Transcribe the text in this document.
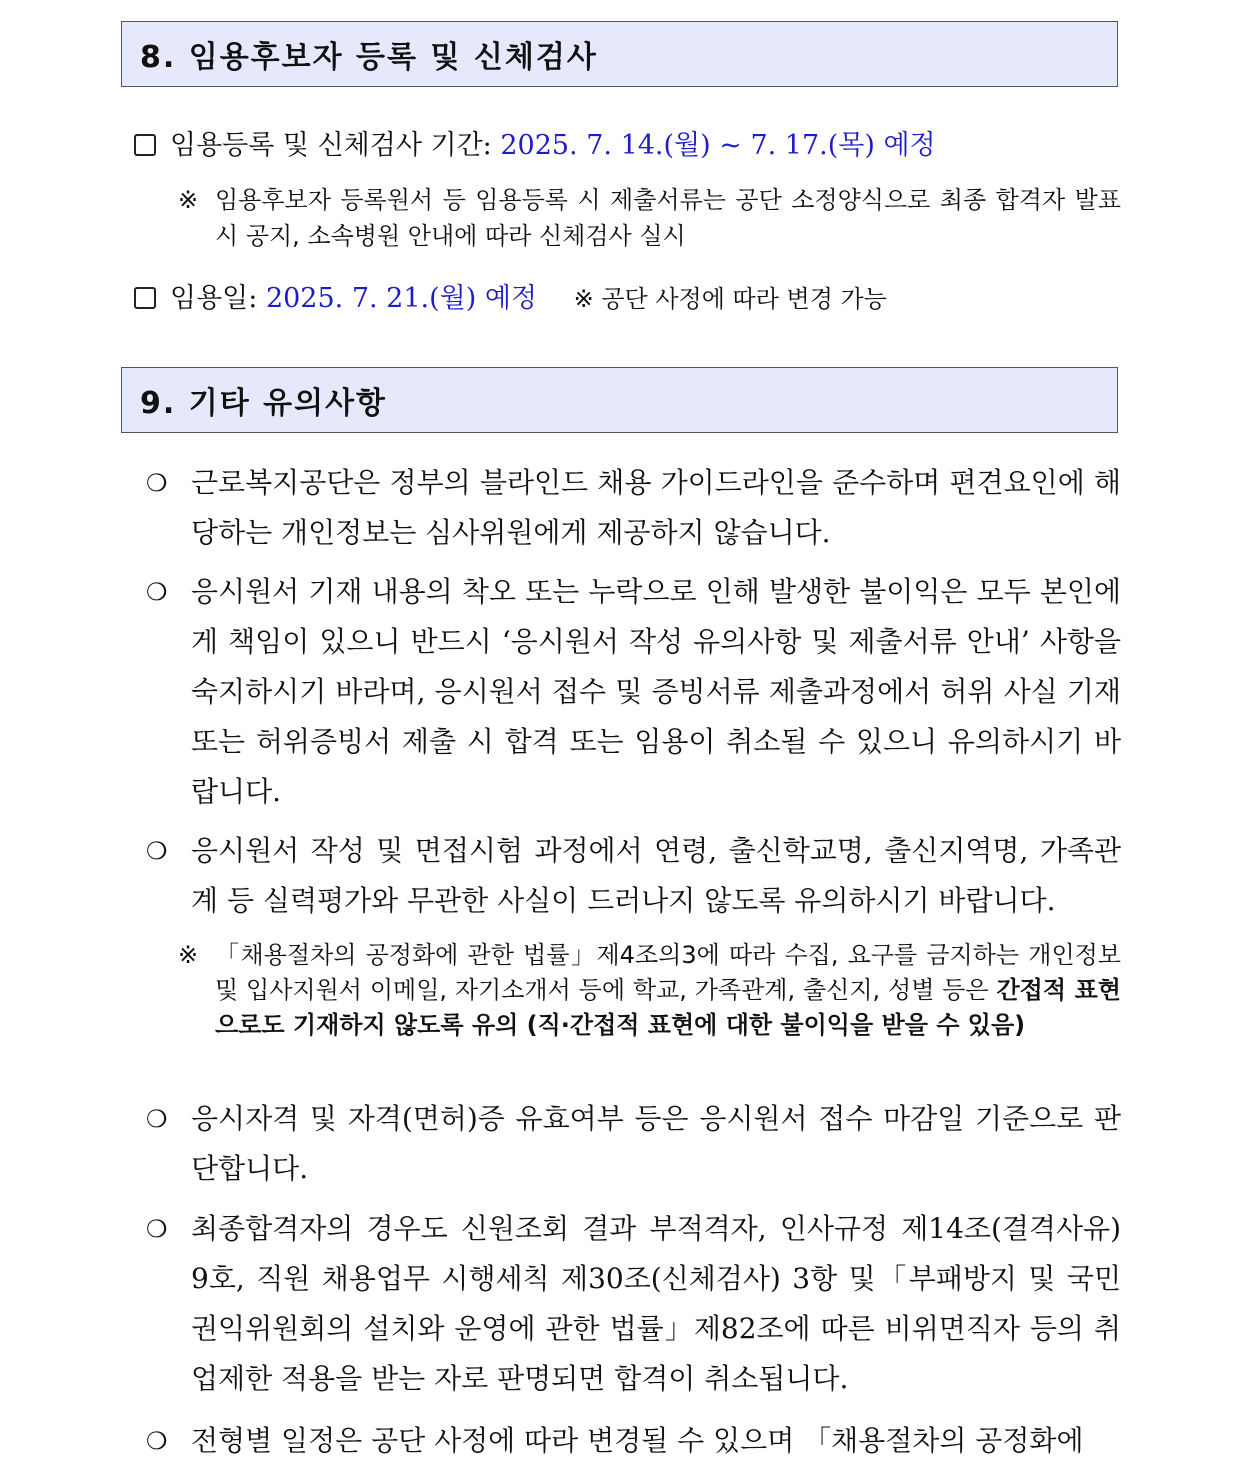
8. 임용후보자 등록 및 신체검사
임용등록 및 신체검사 기간: 2025. 7. 14.(월) ~ 7. 17.(목) 예정
※ 임용후보자 등록원서 등 임용등록 시 제출서류는 공단 소정양식으로 최종 합격자 발표 시 공지, 소속병원 안내에 따라 신체검사 실시
임용일: 2025. 7. 21.(월) 예정 ※ 공단 사정에 따라 변경 가능
9. 기타 유의사항
❍ 근로복지공단은 정부의 블라인드 채용 가이드라인을 준수하며 편견요인에 해당하는 개인정보는 심사위원에게 제공하지 않습니다.
❍ 응시원서 기재 내용의 착오 또는 누락으로 인해 발생한 불이익은 모두 본인에게 책임이 있으니 반드시 ‘응시원서 작성 유의사항 및 제출서류 안내’ 사항을 숙지하시기 바라며, 응시원서 접수 및 증빙서류 제출과정에서 허위 사실 기재 또는 허위증빙서 제출 시 합격 또는 임용이 취소될 수 있으니 유의하시기 바랍니다.
❍ 응시원서 작성 및 면접시험 과정에서 연령, 출신학교명, 출신지역명, 가족관계 등 실력평가와 무관한 사실이 드러나지 않도록 유의하시기 바랍니다.
※ 「채용절차의 공정화에 관한 법률」제4조의3에 따라 수집, 요구를 금지하는 개인정보 및 입사지원서 이메일, 자기소개서 등에 학교, 가족관계, 출신지, 성별 등은 간접적 표현으로도 기재하지 않도록 유의 (직·간접적 표현에 대한 불이익을 받을 수 있음)
❍ 응시자격 및 자격(면허)증 유효여부 등은 응시원서 접수 마감일 기준으로 판단합니다.
❍ 최종합격자의 경우도 신원조회 결과 부적격자, 인사규정 제14조(결격사유) 9호, 직원 채용업무 시행세칙 제30조(신체검사) 3항 및「부패방지 및 국민권익위원회의 설치와 운영에 관한 법률」제82조에 따른 비위면직자 등의 취업제한 적용을 받는 자로 판명되면 합격이 취소됩니다.
❍ 전형별 일정은 공단 사정에 따라 변경될 수 있으며 「채용절차의 공정화에
